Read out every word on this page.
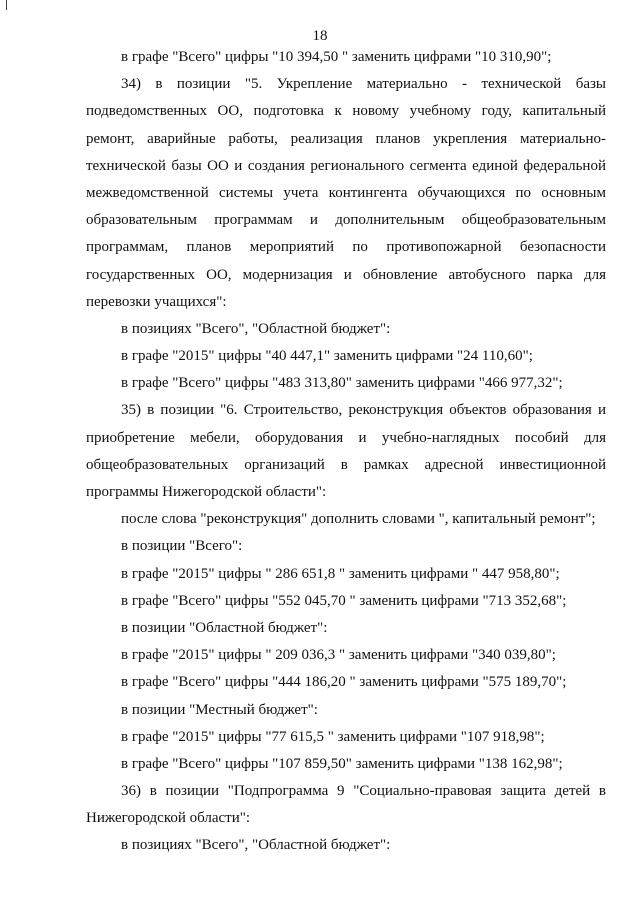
18
в графе "Всего" цифры "10 394,50 " заменить цифрами "10 310,90";
34) в позиции "5. Укрепление материально - технической базы
подведомственных ОО, подготовка к новому учебному году, капитальный
ремонт, аварийные работы, реализация планов укрепления материально-
технической базы ОО и создания регионального сегмента единой федеральной
межведомственной системы учета контингента обучающихся по основным
образовательным программам и дополнительным общеобразовательным
программам, планов мероприятий по противопожарной безопасности
государственных ОО, модернизация и обновление автобусного парка для
перевозки учащихся":
в позициях "Всего", "Областной бюджет":
в графе "2015" цифры "40 447,1" заменить цифрами "24 110,60";
в графе "Всего" цифры "483 313,80" заменить цифрами "466 977,32";
35) в позиции "6. Строительство, реконструкция объектов образования и
приобретение мебели, оборудования и учебно-наглядных пособий для
общеобразовательных организаций в рамках адресной инвестиционной
программы Нижегородской области":
после слова "реконструкция" дополнить словами ", капитальный ремонт";
в позиции "Всего":
в графе "2015" цифры " 286 651,8 " заменить цифрами " 447 958,80";
в графе "Всего" цифры "552 045,70 " заменить цифрами "713 352,68";
в позиции "Областной бюджет":
в графе "2015" цифры " 209 036,3 " заменить цифрами "340 039,80";
в графе "Всего" цифры "444 186,20 " заменить цифрами "575 189,70";
в позиции "Местный бюджет":
в графе "2015" цифры "77 615,5 " заменить цифрами "107 918,98";
в графе "Всего" цифры "107 859,50" заменить цифрами "138 162,98";
36) в позиции "Подпрограмма 9 "Социально-правовая защита детей в
Нижегородской области":
в позициях "Всего", "Областной бюджет":
